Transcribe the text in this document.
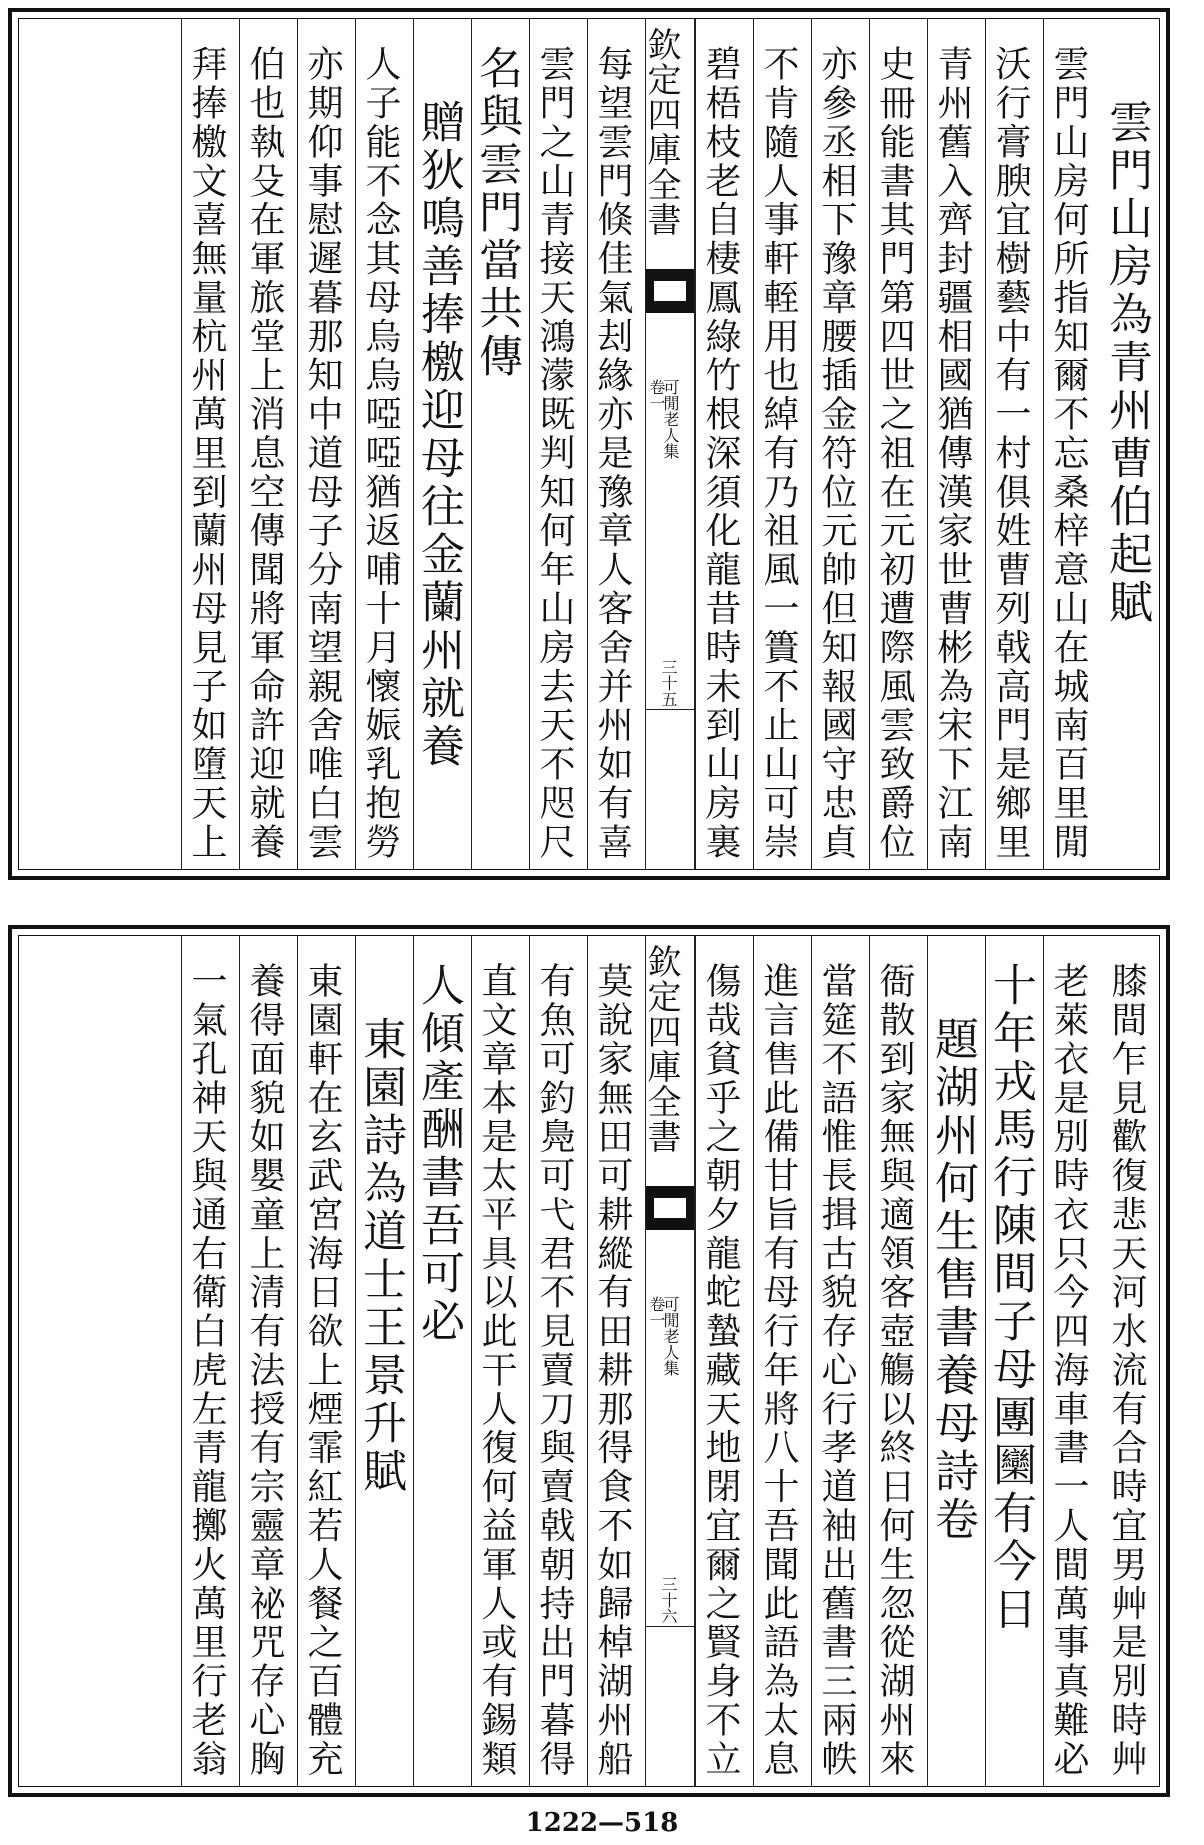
雲門山房為青州曹伯起賦
雲門山房何所指知爾不忘桑梓意山在城南百里閒
沃行膏腴宜樹藝中有一村俱姓曹列戟高門是鄉里
青州舊入齊封疆相國猶傳漢家世曹彬為宋下江南
史冊能書其門第四世之祖在元初遭際風雲致爵位
亦參丞相下豫章腰插金符位元帥但知報國守忠貞
不肯隨人事軒輊用也綽有乃祖風一簣不止山可崇
碧梧枝老自棲鳳綠竹根深須化龍昔時未到山房裏
欽定四庫全書
可閒老人集
卷一
三十五
每望雲門倏佳氣刦緣亦是豫章人客舍并州如有喜
雲門之山青接天鴻濛既判知何年山房去天不咫尺
名與雲門當共傳
贈狄鳴善捧檄迎母往金蘭州就養
人子能不念其母烏烏啞啞猶返哺十月懷娠乳抱勞
亦期仰事慰遲暮那知中道母子分南望親舍唯白雲
伯也執殳在軍旅堂上消息空傳聞將軍命許迎就養
拜捧檄文喜無量杭州萬里到蘭州母見子如墮天上
膝間乍見歡復悲天河水流有合時宜男艸是別時艸
老萊衣是別時衣只今四海車書一人間萬事真難必
十年戎馬行陳間子母團圞有今日
題湖州何生售書養母詩卷
衙散到家無與適領客壺觴以終日何生忽從湖州來
當筵不語惟長揖古貌存心行孝道袖出舊書三兩帙
進言售此備甘旨有母行年將八十吾聞此語為太息
傷哉貧乎之朝夕龍蛇蟄藏天地閉宜爾之賢身不立
欽定四庫全書
可閒老人集
卷一
三十六
莫說家無田可耕縱有田耕那得食不如歸棹湖州船
有魚可釣鳧可弋君不見賣刀與賣戟朝持出門暮得
直文章本是太平具以此干人復何益軍人或有錫類
人傾產酬書吾可必
東園詩為道士王景升賦
東園軒在玄武宮海日欲上煙霏紅若人餐之百體充
養得面貌如嬰童上清有法授有宗靈章祕咒存心胸
一氣孔神天與通右衛白虎左青龍擲火萬里行老翁
1222—518
